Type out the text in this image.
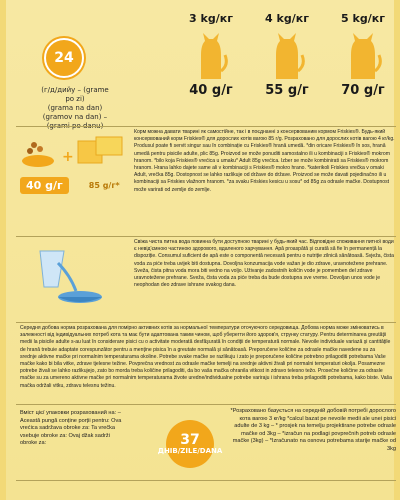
24
(г/д/дийу – (grame po zi)
(grama na dan)
(gramov na dan) – (grami po danu)
3 kg/кг
40 g/г
4 kg/кг
55 g/г
5 kg/кг
70 g/г
+
40 g/г	85 g/г*
Корм можна давати тварині як самостійне, так і в поєднанні з консервованим кормом Friskies®. Будь-який консервований корм Friskies® для дорослих котів вагою 85 г/g. Розраховано для дорослих котів вагою 4 кг/kg. Produsul poate fi servit singur sau în combinație cu Friskies® hrană umedă. *din oricare Friskies® în sos, hrană umedă pentru pisicile adulte, plic 85g. Proizvod se može ponuditi samostalno ili u kombinaciji s Friskies® mokrom hranom. *bilo koja Friskies® vrećica u umaku* Adult 85g vrećica. Izber se može kombinirati sa Friskies® mokrom hranom. Hrana lahko dajete same ali v kombinaciji s Friskies® mokro hrano. *katerikoli Friskies vrečka v omaki Adult, vrečka 85g. Dostopnost se lahko razlikuje od države do države. Proizvod se može davati pojedinačno ili u kombinaciji sa Friskies vlažnom hranom. *za svaku Friskies kesicu u sosu* od 85g za odrasle mačke. Dostupnost može varirati od zemlje do zemlje.
Свіжа чиста питна вода повинна бути доступною тварині у будь-який час. Відповідне споживання питної води є невід'ємною частиною здорового, вдаленого харчування. Apă proaspătă și curată să fie în permanență la dispoziție. Consumul suficient de apă este o componentă necesară pentru o nutriție zilnică sănătoasă. Svježa, čista voda za piće treba uvijek biti dostupna. Dovoljna konzumacija vode važan je dio zdrave, uravnotežene prehrane. Sveža, čista pitna voda mora biti vedno na voljo. Uživanje zadostnih količin vode je pomemben del zdrave uravnotežene prehrane. Sveža, čista voda za piće treba da bude dostupna sve vreme. Dovoljan unos vode je neophodan deo zdrave ishrane svakog dana.
Середня добова норма розрахована для помірно активних котів за нормальної температури оточуючого середовища. Добова норма може змінюватись в залежності від індивідуальних потреб кота та має бути адаптована таким чином, щоб уберегти його здоров'я, струнку статуру. Pentru determinarea greutăţii medii la pisicile adulte s-au luat în considerare pisici cu o activitate moderată desfăşurată în condiţii de temperatură normale. Nevoile individuale variază şi cantităţile de hrană trebuie adaptate corespunzător pentru a menţine pisica în a greutate normală şi sănătoasă. Preporučene količine za odrasle mačke navedene su za srednje aktivne mačke pri normalnim temperaturama okoline. Potrebe svake mačke se razlikuju i zato je preporučene količine potrebno prilagoditi potrebama Vaše mačke kako bi bila vitke, zdrave tjelesne težine. Povprečna vrednost za odrasle mačke temelji na srednje aktivni živali pri normalni temperaturi okolja. Posamezne potrebe živali se lahko razlikujejo, zato bo morda treba količine prilagoditi, da bo vaša mačka ohranila vitkost in zdravo telesno težo. Prosečne količine za odrasle mačke su za umereno aktivne mačke pri normalnim temperaturama živote uredne/individualne potrebe variraju i ishrana treba prilagoditi potrebama, kako biste. Vaša mačka održali vitku, zdravu telesnu težinu.
Вміст цієї упаковки розрахований на: – Această pungă conține porții pentru: Ova vrećica sadržava obroke za: Ta vrečka vsebuje obroke za: Ovaj džak sadrži obroke za:	37
ДНІВ/ZILE/DANA
*Розраховано базується на середній добовій потребі дорослого кота вагою 3 кг/kg *calcul bazat pe nevoile medii ale unei pisici adulte de 3 kg – * prosjek na temelju projektirane potrebe odrasle mačke od 3kg – *izračun na podlagi povprečnih potreb odrasle mačke (3kg) – *Izračunato na osnovu potrebama starije mačke od 3kg
